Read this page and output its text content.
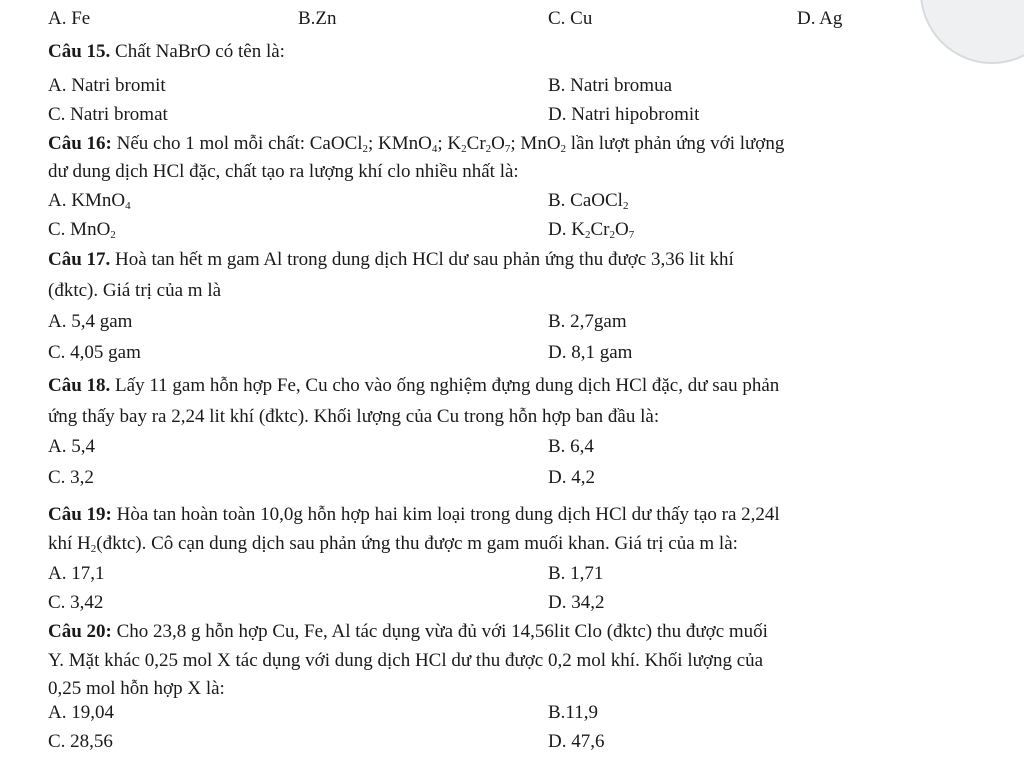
A. Fe	B.Zn	C. Cu	D. Ag
Câu 15. Chất NaBrO có tên là:
A. Natri bromit	B. Natri bromua
C. Natri bromat	D. Natri hipobromit
Câu 16: Nếu cho 1 mol mỗi chất: CaOCl$_2$; KMnO$_4$; $K_2Cr_2O_7$; MnO$_2$ lần lượt phản ứng với lượng
dư dung dịch HCl đặc, chất tạo ra lượng khí clo nhiều nhất là:
A. KMnO$_4$	B. CaOCl$_2$
C. MnO$_2$	D. $K_2Cr_2O_7$
Câu 17. Hoà tan hết m gam Al trong dung dịch HCl dư sau phản ứng thu được 3,36 lit khí
(đktc). Giá trị của m là
A. 5,4 gam	B. 2,7gam
C. 4,05 gam	D. 8,1 gam
Câu 18. Lấy 11 gam hỗn hợp Fe, Cu cho vào ống nghiệm đựng dung dịch HCl đặc, dư sau phản
ứng thấy bay ra 2,24 lit khí (đktc). Khối lượng của Cu trong hỗn hợp ban đầu là:
A. 5,4	B. 6,4
C. 3,2	D. 4,2
Câu 19: Hòa tan hoàn toàn 10,0g hỗn hợp hai kim loại trong dung dịch HCl dư thấy tạo ra 2,24l
khí $H_2(đktc)$. Cô cạn dung dịch sau phản ứng thu được m gam muối khan. Giá trị của m là:
A. 17,1	B. 1,71
C. 3,42	D. 34,2
Câu 20: Cho 23,8 g hỗn hợp Cu, Fe, Al tác dụng vừa đủ với 14,56lit Clo (đktc) thu được muối
Y. Mặt khác 0,25 mol X tác dụng với dung dịch HCl dư thu được 0,2 mol khí. Khối lượng của
0,25 mol hỗn hợp X là:
A. 19,04	B.11,9
C. 28,56	D. 47,6
